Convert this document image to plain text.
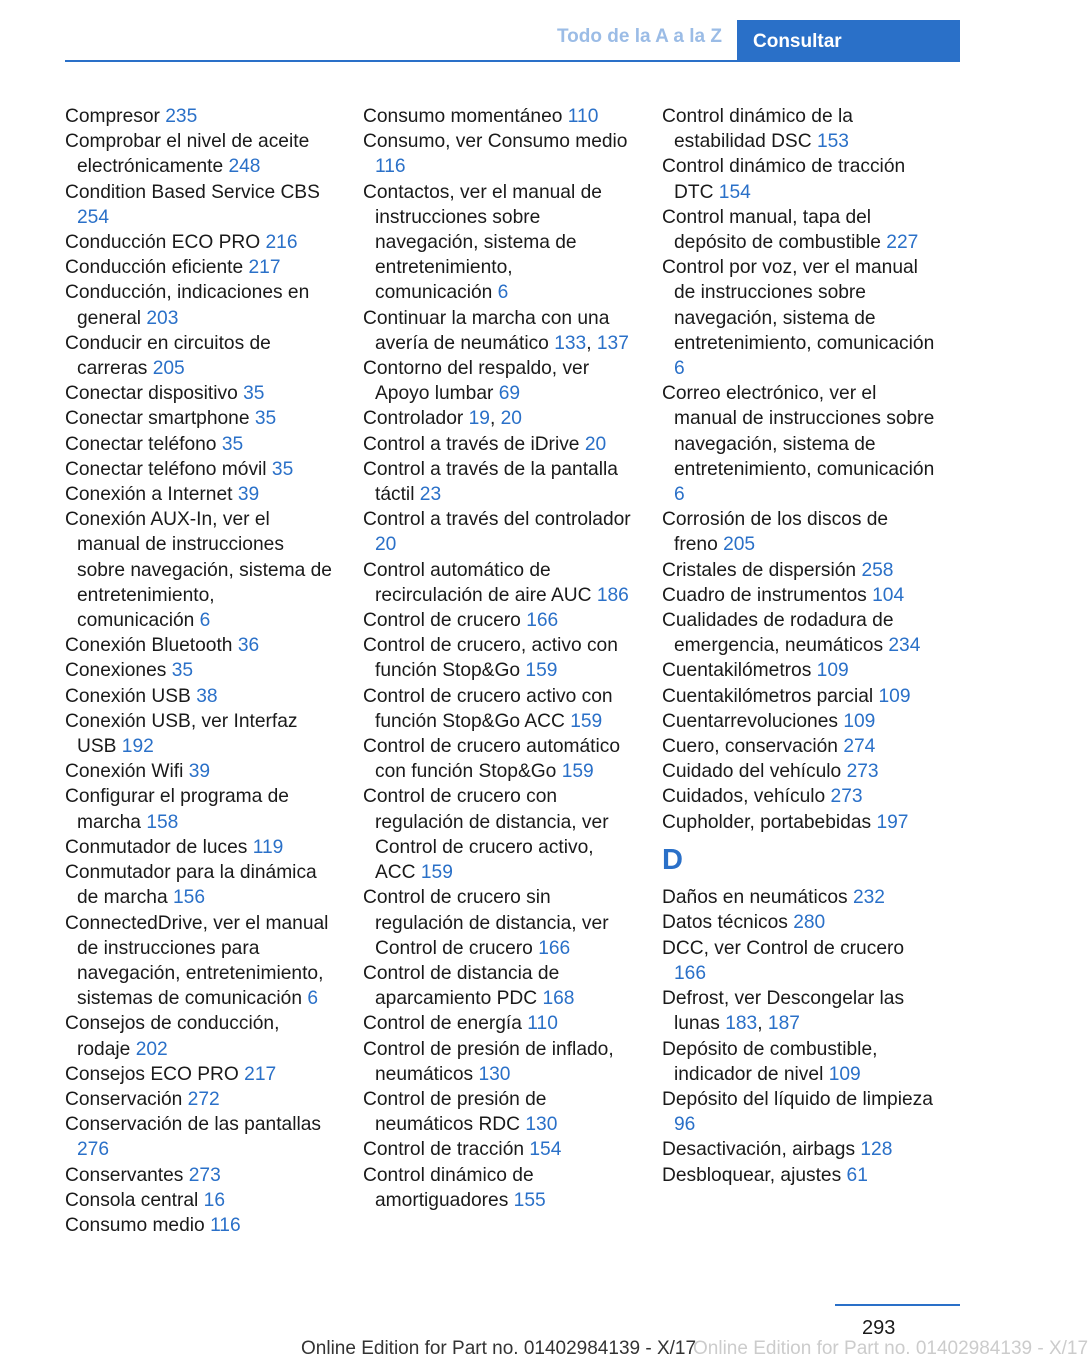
Todo de la A a la Z	Consultar
Compresor 235
Comprobar el nivel de aceite electrónicamente 248
Condition Based Service CBS 254
Conducción ECO PRO 216
Conducción eficiente 217
Conducción, indicaciones en general 203
Conducir en circuitos de carreras 205
Conectar dispositivo 35
Conectar smartphone 35
Conectar teléfono 35
Conectar teléfono móvil 35
Conexión a Internet 39
Conexión AUX-In, ver el manual de instrucciones sobre navegación, sistema de entretenimiento, comunicación 6
Conexión Bluetooth 36
Conexiones 35
Conexión USB 38
Conexión USB, ver Interfaz USB 192
Conexión Wifi 39
Configurar el programa de marcha 158
Conmutador de luces 119
Conmutador para la dinámica de marcha 156
ConnectedDrive, ver el manual de instrucciones para navegación, entretenimiento, sistemas de comunicación 6
Consejos de conducción, rodaje 202
Consejos ECO PRO 217
Conservación 272
Conservación de las pantallas 276
Conservantes 273
Consola central 16
Consumo medio 116
Consumo momentáneo 110
Consumo, ver Consumo medio 116
Contactos, ver el manual de instrucciones sobre navegación, sistema de entretenimiento, comunicación 6
Continuar la marcha con una avería de neumático 133, 137
Contorno del respaldo, ver Apoyo lumbar 69
Controlador 19, 20
Control a través de iDrive 20
Control a través de la pantalla táctil 23
Control a través del controlador 20
Control automático de recirculación de aire AUC 186
Control de crucero 166
Control de crucero, activo con función Stop&Go 159
Control de crucero activo con función Stop&Go ACC 159
Control de crucero automático con función Stop&Go 159
Control de crucero con regulación de distancia, ver Control de crucero activo, ACC 159
Control de crucero sin regulación de distancia, ver Control de crucero 166
Control de distancia de aparcamiento PDC 168
Control de energía 110
Control de presión de inflado, neumáticos 130
Control de presión de neumáticos RDC 130
Control de tracción 154
Control dinámico de amortiguadores 155
Control dinámico de la estabilidad DSC 153
Control dinámico de tracción DTC 154
Control manual, tapa del depósito de combustible 227
Control por voz, ver el manual de instrucciones sobre navegación, sistema de entretenimiento, comunicación 6
Correo electrónico, ver el manual de instrucciones sobre navegación, sistema de entretenimiento, comunicación 6
Corrosión de los discos de freno 205
Cristales de dispersión 258
Cuadro de instrumentos 104
Cualidades de rodadura de emergencia, neumáticos 234
Cuentakilómetros 109
Cuentakilómetros parcial 109
Cuentarrevoluciones 109
Cuero, conservación 274
Cuidado del vehículo 273
Cuidados, vehículo 273
Cupholder, portabebidas 197
D
Daños en neumáticos 232
Datos técnicos 280
DCC, ver Control de crucero 166
Defrost, ver Descongelar las lunas 183, 187
Depósito de combustible, indicador de nivel 109
Depósito del líquido de limpieza 96
Desactivación, airbags 128
Desbloquear, ajustes 61
293
Online Edition for Part no. 01402984139 - X/17
Online Edition for Part no. 01402984139 - X/17
